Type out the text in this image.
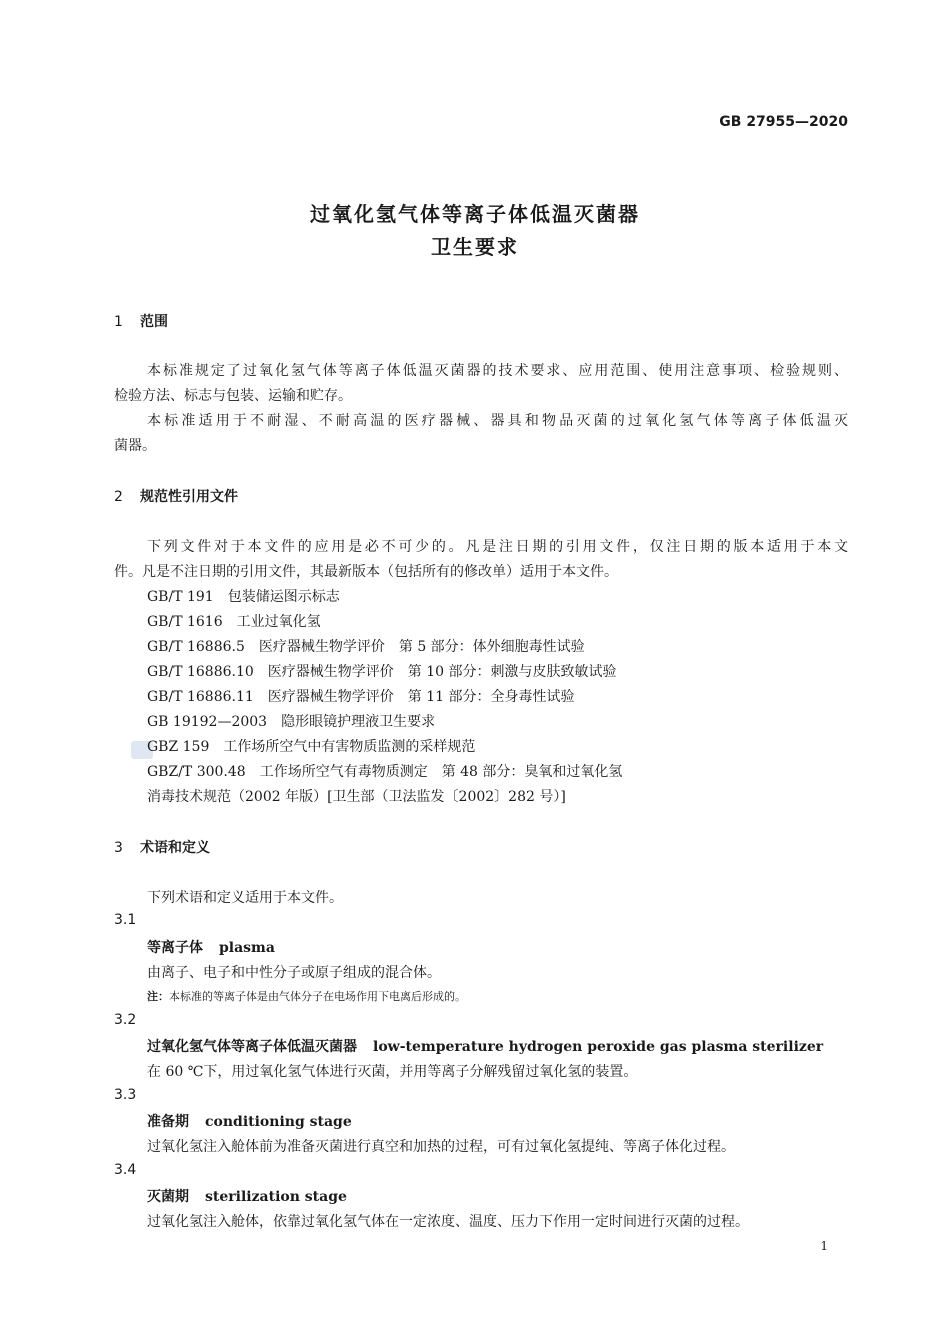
GB 27955—2020
过氧化氢气体等离子体低温灭菌器
卫生要求
1 范围
本标准规定了过氧化氢气体等离子体低温灭菌器的技术要求、应用范围、使用注意事项、检验规则、
检验方法、标志与包装、运输和贮存。
本标准适用于不耐湿、不耐高温的医疗器械、器具和物品灭菌的过氧化氢气体等离子体低温灭
菌器。
2 规范性引用文件
下列文件对于本文件的应用是必不可少的。凡是注日期的引用文件，仅注日期的版本适用于本文
件。凡是不注日期的引用文件，其最新版本（包括所有的修改单）适用于本文件。
GB/T 191 包装储运图示标志
GB/T 1616 工业过氧化氢
GB/T 16886.5 医疗器械生物学评价　第 5 部分：体外细胞毒性试验
GB/T 16886.10 医疗器械生物学评价　第 10 部分：刺激与皮肤致敏试验
GB/T 16886.11 医疗器械生物学评价　第 11 部分：全身毒性试验
GB 19192—2003 隐形眼镜护理液卫生要求
GBZ 159 工作场所空气中有害物质监测的采样规范
GBZ/T 300.48 工作场所空气有毒物质测定　第 48 部分：臭氧和过氧化氢
消毒技术规范（2002 年版）[卫生部（卫法监发〔2002〕282 号）]
3 术语和定义
下列术语和定义适用于本文件。
3.1
等离子体 plasma
由离子、电子和中性分子或原子组成的混合体。
注：本标准的等离子体是由气体分子在电场作用下电离后形成的。
3.2
过氧化氢气体等离子体低温灭菌器 low-temperature hydrogen peroxide gas plasma sterilizer
在 60 ℃下，用过氧化氢气体进行灭菌，并用等离子分解残留过氧化氢的装置。
3.3
准备期 conditioning stage
过氧化氢注入舱体前为准备灭菌进行真空和加热的过程，可有过氧化氢提纯、等离子体化过程。
3.4
灭菌期 sterilization stage
过氧化氢注入舱体，依靠过氧化氢气体在一定浓度、温度、压力下作用一定时间进行灭菌的过程。
1
